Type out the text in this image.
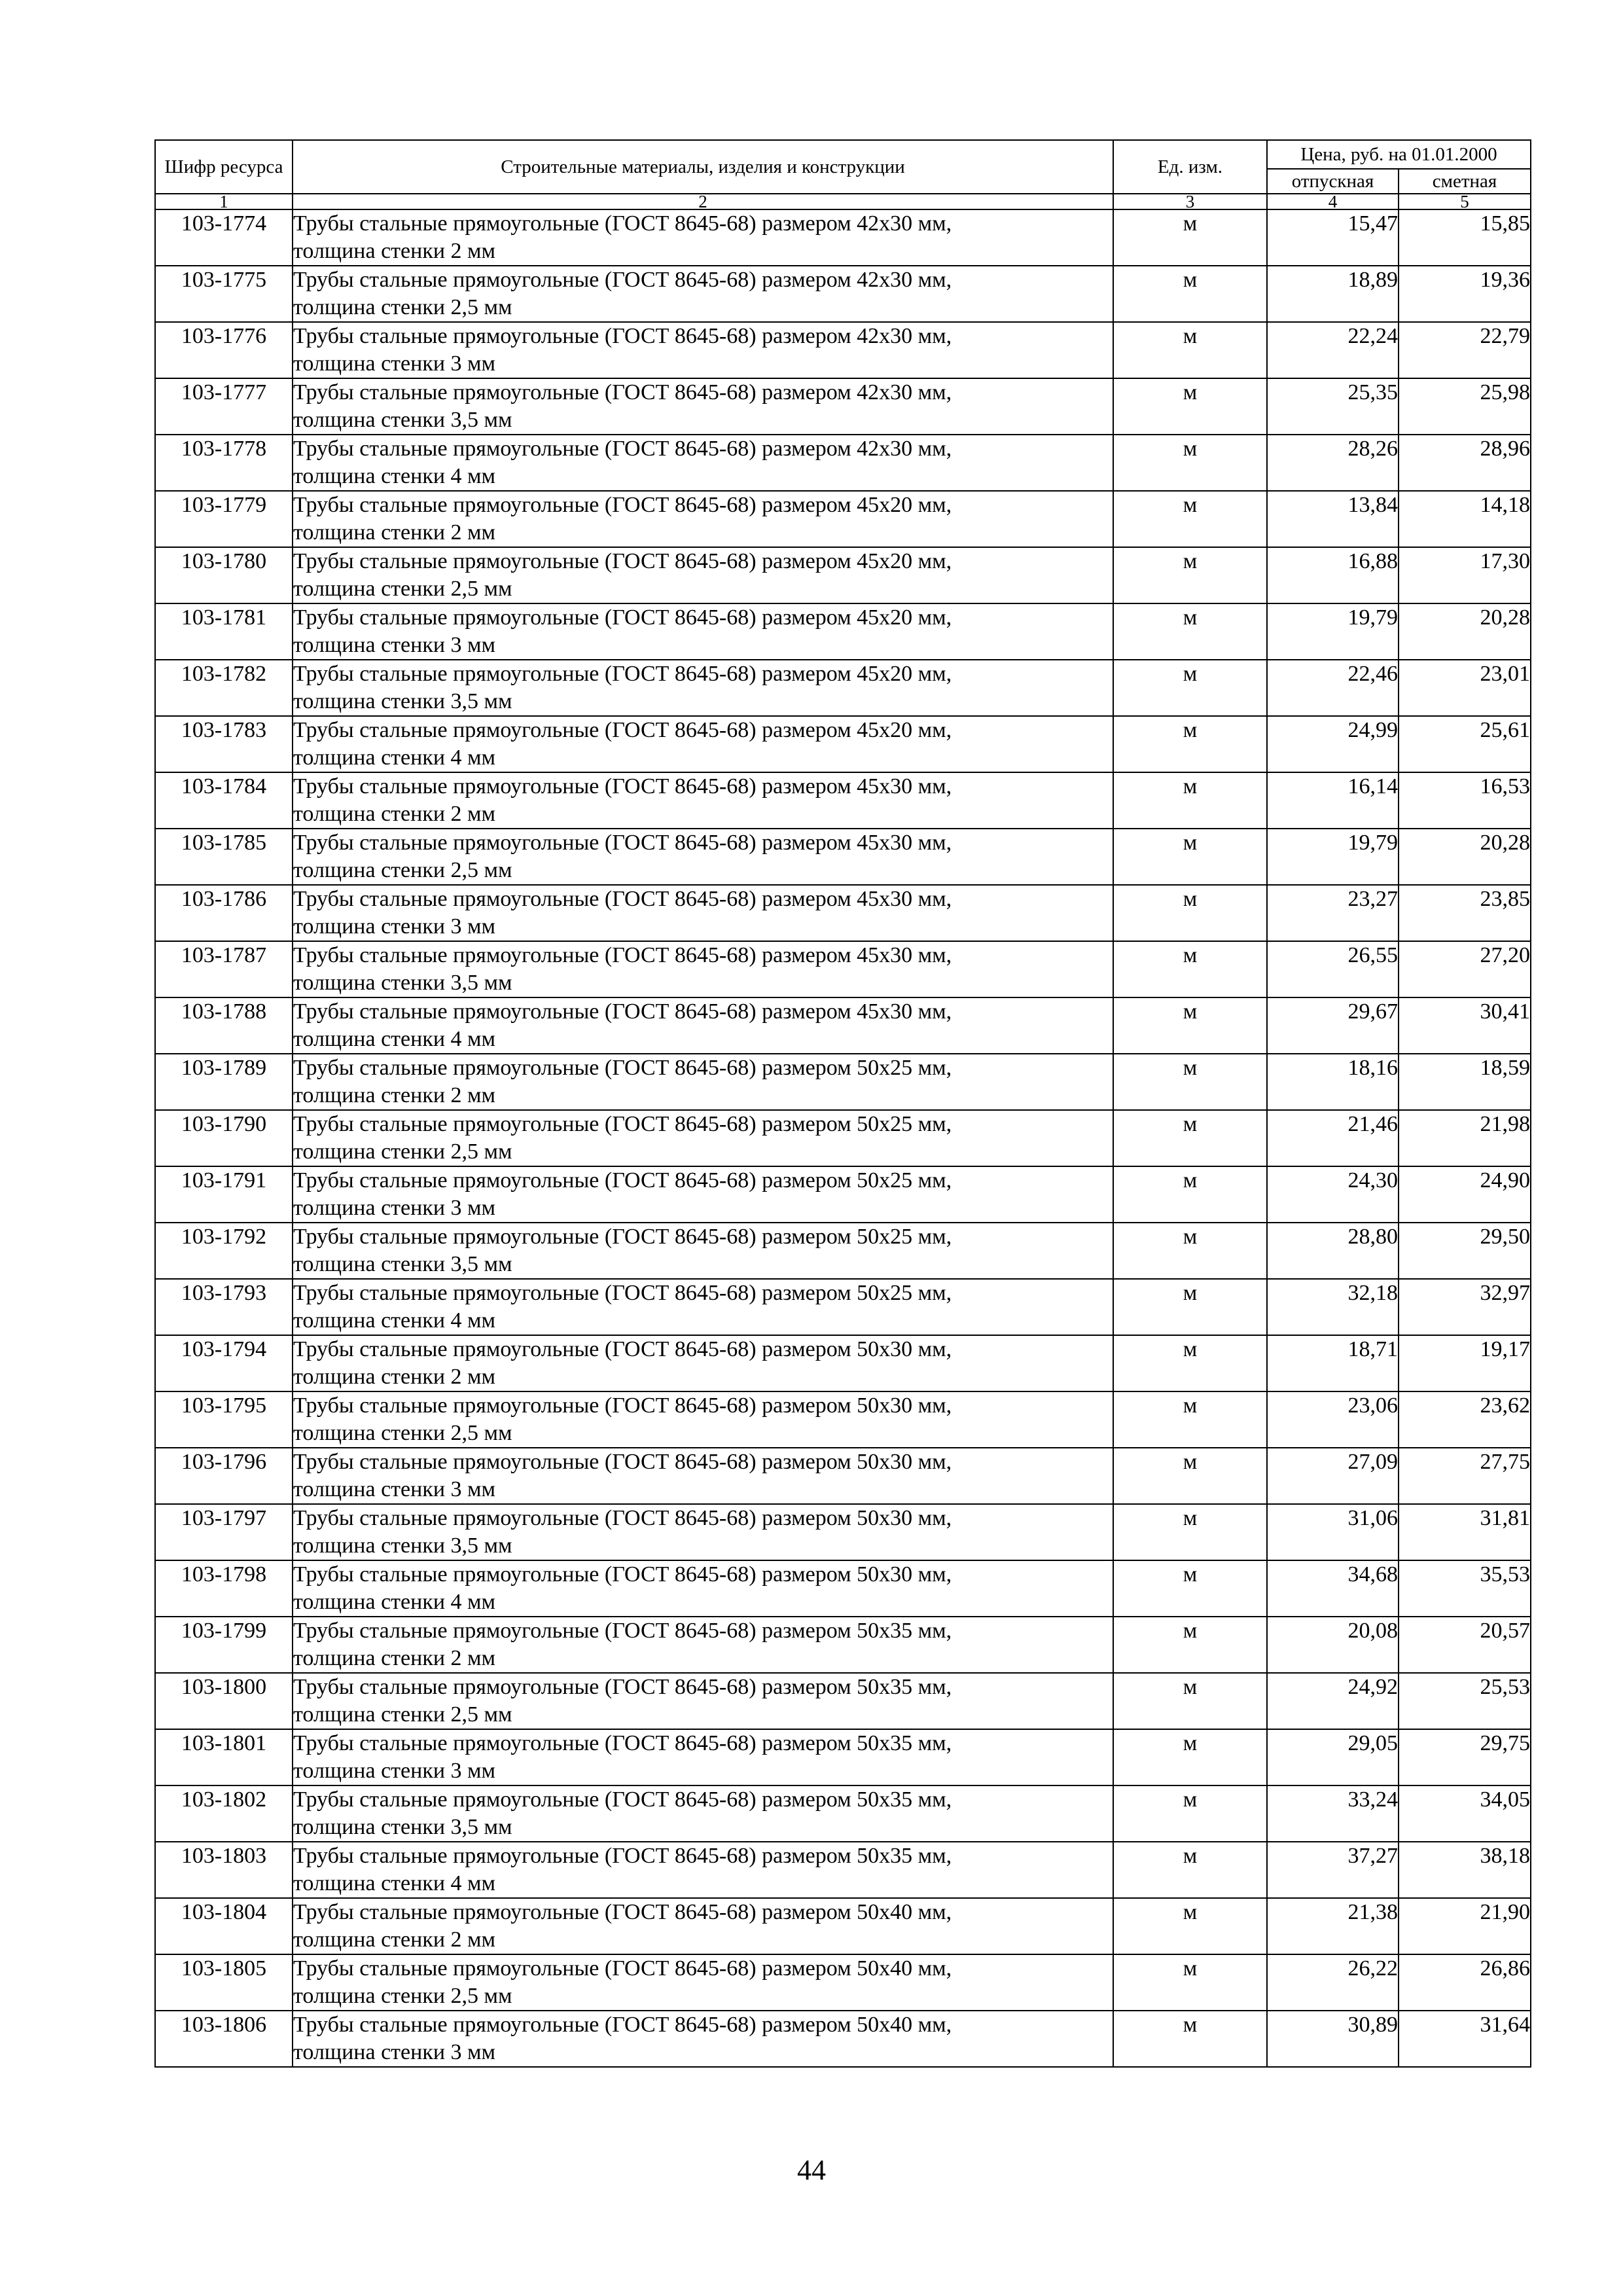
Шифр ресурса	Строительные материалы, изделия и конструкции	Ед. изм.	Цена, руб. на 01.01.2000	
			отпускная	сметная
1	2	3	4	5
103-1774	Трубы стальные прямоугольные (ГОСТ 8645-68) размером 42х30 мм,
толщина стенки 2 мм	м	15,47	15,85
103-1775	Трубы стальные прямоугольные (ГОСТ 8645-68) размером 42х30 мм,
толщина стенки 2,5 мм	м	18,89	19,36
103-1776	Трубы стальные прямоугольные (ГОСТ 8645-68) размером 42х30 мм,
толщина стенки 3 мм	м	22,24	22,79
103-1777	Трубы стальные прямоугольные (ГОСТ 8645-68) размером 42х30 мм,
толщина стенки 3,5 мм	м	25,35	25,98
103-1778	Трубы стальные прямоугольные (ГОСТ 8645-68) размером 42х30 мм,
толщина стенки 4 мм	м	28,26	28,96
103-1779	Трубы стальные прямоугольные (ГОСТ 8645-68) размером 45х20 мм,
толщина стенки 2 мм	м	13,84	14,18
103-1780	Трубы стальные прямоугольные (ГОСТ 8645-68) размером 45х20 мм,
толщина стенки 2,5 мм	м	16,88	17,30
103-1781	Трубы стальные прямоугольные (ГОСТ 8645-68) размером 45х20 мм,
толщина стенки 3 мм	м	19,79	20,28
103-1782	Трубы стальные прямоугольные (ГОСТ 8645-68) размером 45х20 мм,
толщина стенки 3,5 мм	м	22,46	23,01
103-1783	Трубы стальные прямоугольные (ГОСТ 8645-68) размером 45х20 мм,
толщина стенки 4 мм	м	24,99	25,61
103-1784	Трубы стальные прямоугольные (ГОСТ 8645-68) размером 45х30 мм,
толщина стенки 2 мм	м	16,14	16,53
103-1785	Трубы стальные прямоугольные (ГОСТ 8645-68) размером 45х30 мм,
толщина стенки 2,5 мм	м	19,79	20,28
103-1786	Трубы стальные прямоугольные (ГОСТ 8645-68) размером 45х30 мм,
толщина стенки 3 мм	м	23,27	23,85
103-1787	Трубы стальные прямоугольные (ГОСТ 8645-68) размером 45х30 мм,
толщина стенки 3,5 мм	м	26,55	27,20
103-1788	Трубы стальные прямоугольные (ГОСТ 8645-68) размером 45х30 мм,
толщина стенки 4 мм	м	29,67	30,41
103-1789	Трубы стальные прямоугольные (ГОСТ 8645-68) размером 50х25 мм,
толщина стенки 2 мм	м	18,16	18,59
103-1790	Трубы стальные прямоугольные (ГОСТ 8645-68) размером 50х25 мм,
толщина стенки 2,5 мм	м	21,46	21,98
103-1791	Трубы стальные прямоугольные (ГОСТ 8645-68) размером 50х25 мм,
толщина стенки 3 мм	м	24,30	24,90
103-1792	Трубы стальные прямоугольные (ГОСТ 8645-68) размером 50х25 мм,
толщина стенки 3,5 мм	м	28,80	29,50
103-1793	Трубы стальные прямоугольные (ГОСТ 8645-68) размером 50х25 мм,
толщина стенки 4 мм	м	32,18	32,97
103-1794	Трубы стальные прямоугольные (ГОСТ 8645-68) размером 50х30 мм,
толщина стенки 2 мм	м	18,71	19,17
103-1795	Трубы стальные прямоугольные (ГОСТ 8645-68) размером 50х30 мм,
толщина стенки 2,5 мм	м	23,06	23,62
103-1796	Трубы стальные прямоугольные (ГОСТ 8645-68) размером 50х30 мм,
толщина стенки 3 мм	м	27,09	27,75
103-1797	Трубы стальные прямоугольные (ГОСТ 8645-68) размером 50х30 мм,
толщина стенки 3,5 мм	м	31,06	31,81
103-1798	Трубы стальные прямоугольные (ГОСТ 8645-68) размером 50х30 мм,
толщина стенки 4 мм	м	34,68	35,53
103-1799	Трубы стальные прямоугольные (ГОСТ 8645-68) размером 50х35 мм,
толщина стенки 2 мм	м	20,08	20,57
103-1800	Трубы стальные прямоугольные (ГОСТ 8645-68) размером 50х35 мм,
толщина стенки 2,5 мм	м	24,92	25,53
103-1801	Трубы стальные прямоугольные (ГОСТ 8645-68) размером 50х35 мм,
толщина стенки 3 мм	м	29,05	29,75
103-1802	Трубы стальные прямоугольные (ГОСТ 8645-68) размером 50х35 мм,
толщина стенки 3,5 мм	м	33,24	34,05
103-1803	Трубы стальные прямоугольные (ГОСТ 8645-68) размером 50х35 мм,
толщина стенки 4 мм	м	37,27	38,18
103-1804	Трубы стальные прямоугольные (ГОСТ 8645-68) размером 50х40 мм,
толщина стенки 2 мм	м	21,38	21,90
103-1805	Трубы стальные прямоугольные (ГОСТ 8645-68) размером 50х40 мм,
толщина стенки 2,5 мм	м	26,22	26,86
103-1806	Трубы стальные прямоугольные (ГОСТ 8645-68) размером 50х40 мм,
толщина стенки 3 мм	м	30,89	31,64
44
